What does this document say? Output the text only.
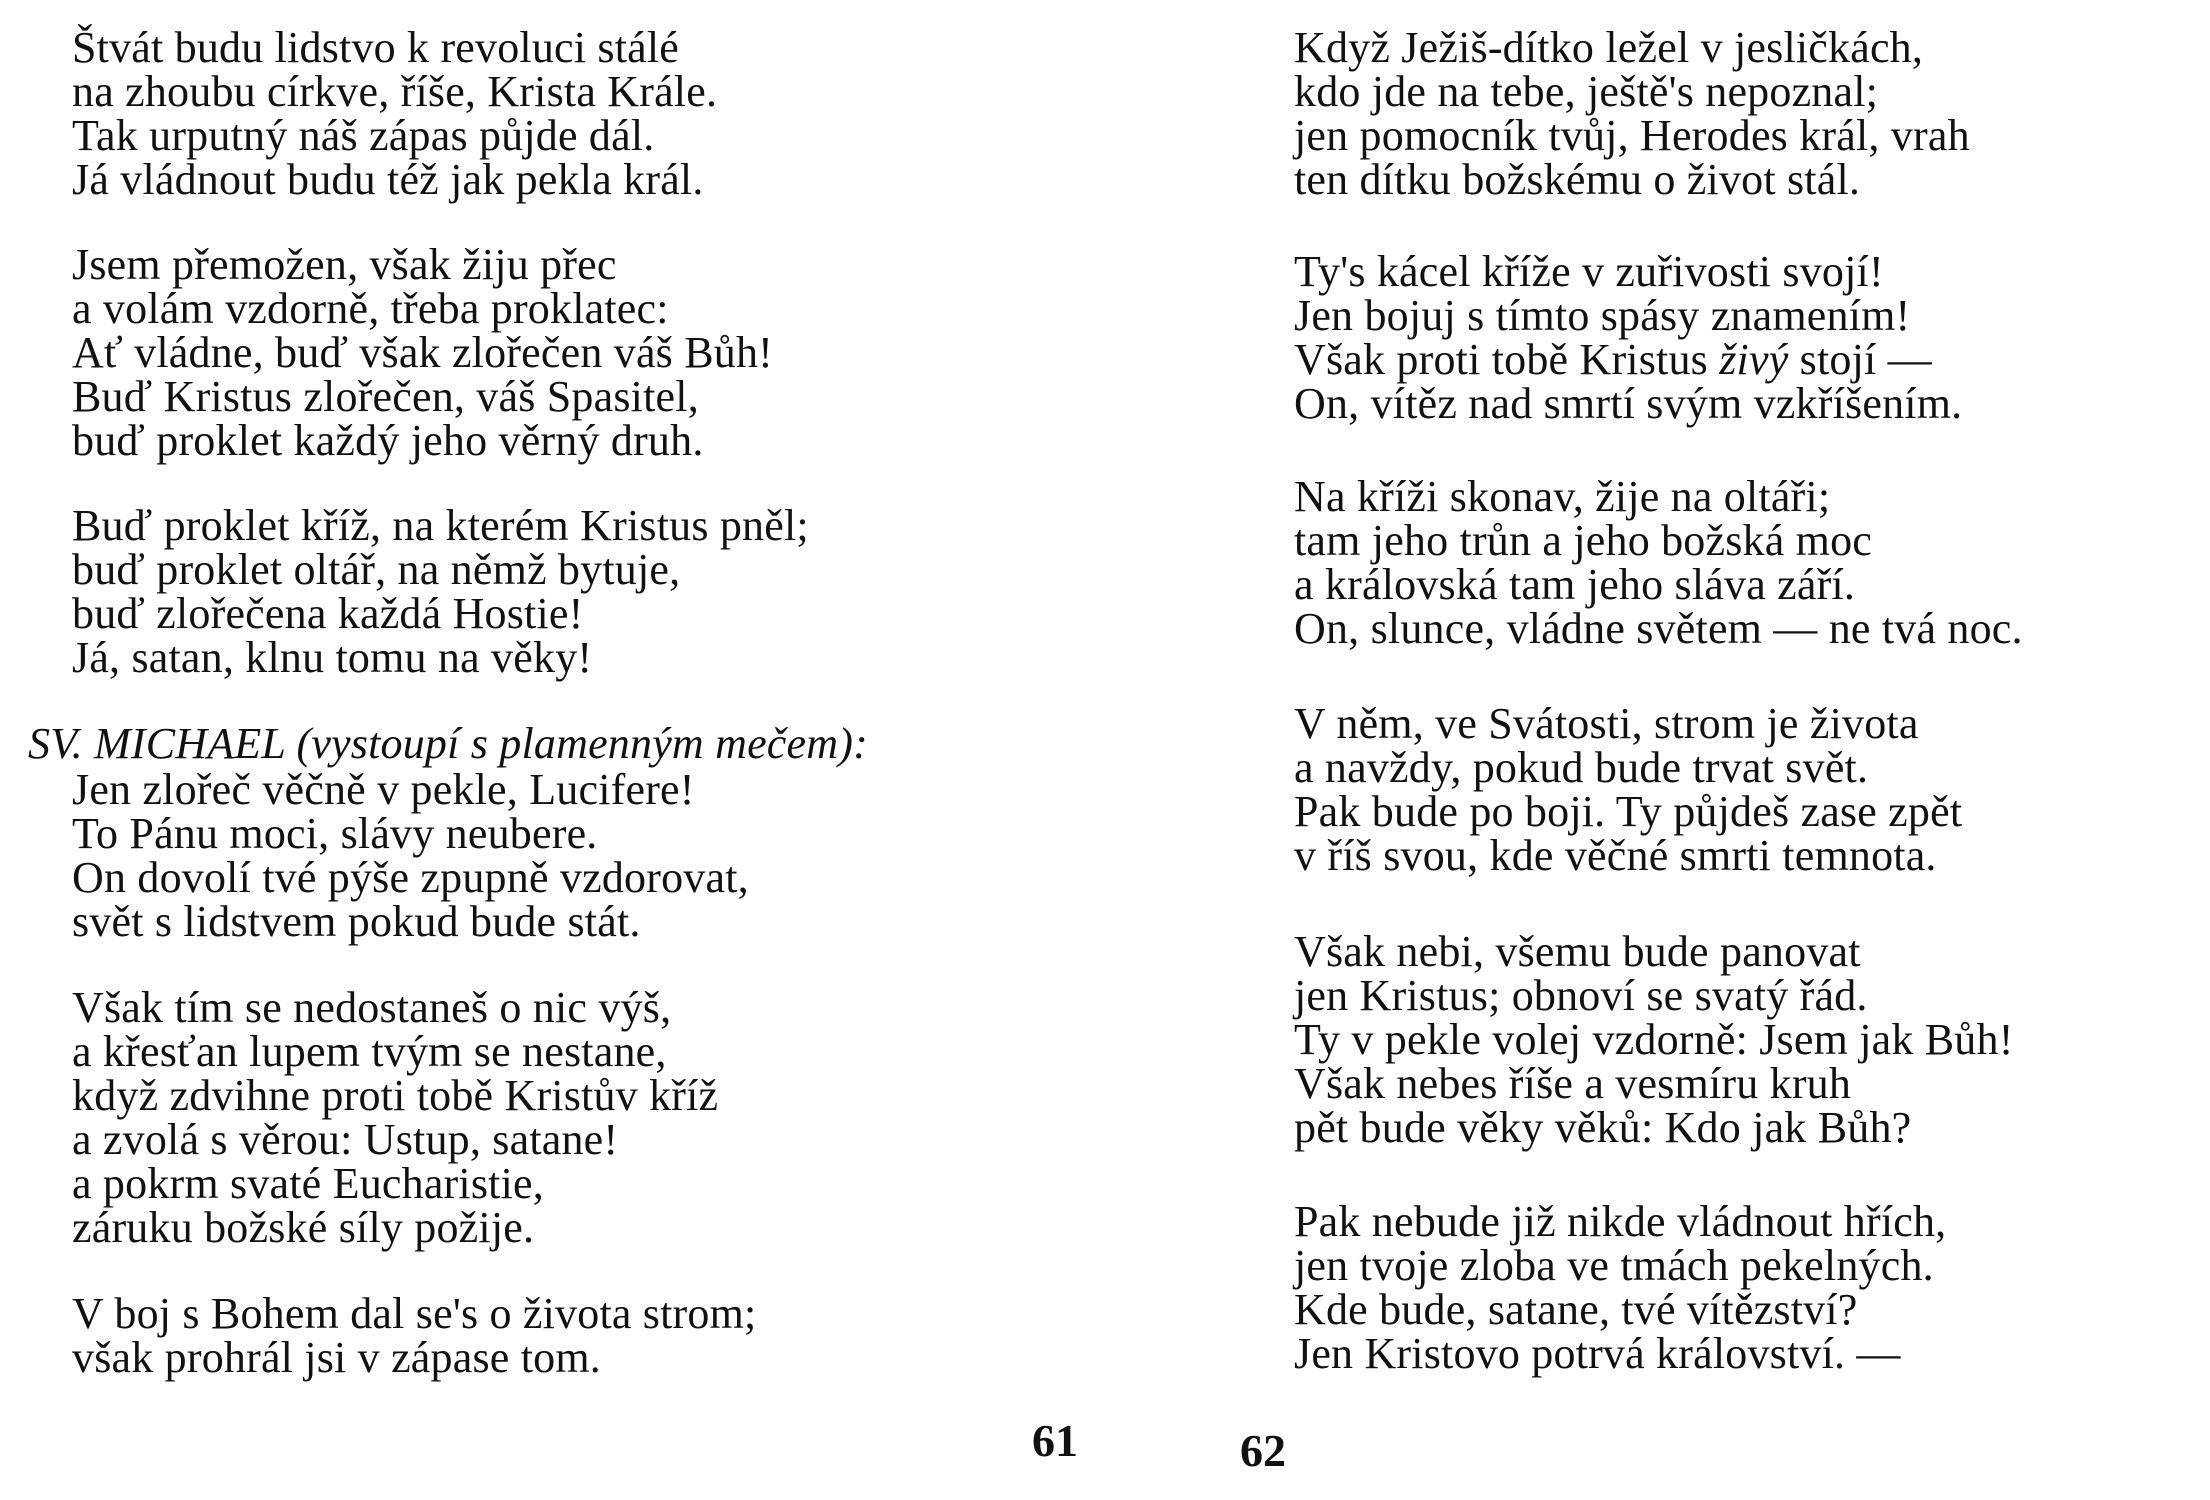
Štvát budu lidstvo k revoluci stálé

na zhoubu církve, říše, Krista Krále.

Tak urputný náš zápas půjde dál.

Já vládnout budu též jak pekla král.

Jsem přemožen, však žiju přec

a volám vzdorně, třeba proklatec:

Ať vládne, buď však zlořečen váš Bůh!

Buď Kristus zlořečen, váš Spasitel,

buď proklet každý jeho věrný druh.

Buď proklet kříž, na kterém Kristus pněl;

buď proklet oltář, na němž bytuje,

buď zlořečena každá Hostie!

Já, satan, klnu tomu na věky!

SV. MICHAEL (vystoupí s plamenným mečem):

Jen zlořeč věčně v pekle, Lucifere!

To Pánu moci, slávy neubere.

On dovolí tvé pýše zpupně vzdorovat,

svět s lidstvem pokud bude stát.

Však tím se nedostaneš o nic výš,

a křesťan lupem tvým se nestane,

když zdvihne proti tobě Kristův kříž

a zvolá s věrou: Ustup, satane!

a pokrm svaté Eucharistie,

záruku božské síly požije.

V boj s Bohem dal se's o života strom;

však prohrál jsi v zápase tom.

61

Když Ježiš-dítko ležel v jesličkách,

kdo jde na tebe, ještě's nepoznal;

jen pomocník tvůj, Herodes král, vrah

ten dítku božskému o život stál.

Ty's kácel kříže v zuřivosti svojí!

Jen bojuj s tímto spásy znamením!

Však proti tobě Kristus živý stojí —

On, vítěz nad smrtí svým vzkříšením.

Na kříži skonav, žije na oltáři;

tam jeho trůn a jeho božská moc

a královská tam jeho sláva září.

On, slunce, vládne světem — ne tvá noc.

V něm, ve Svátosti, strom je života

a navždy, pokud bude trvat svět.

Pak bude po boji. Ty půjdeš zase zpět

v říš svou, kde věčné smrti temnota.

Však nebi, všemu bude panovat

jen Kristus; obnoví se svatý řád.

Ty v pekle volej vzdorně: Jsem jak Bůh!

Však nebes říše a vesmíru kruh

pět bude věky věků: Kdo jak Bůh?

Pak nebude již nikde vládnout hřích,

jen tvoje zloba ve tmách pekelných.

Kde bude, satane, tvé vítězství?

Jen Kristovo potrvá království. —

62
